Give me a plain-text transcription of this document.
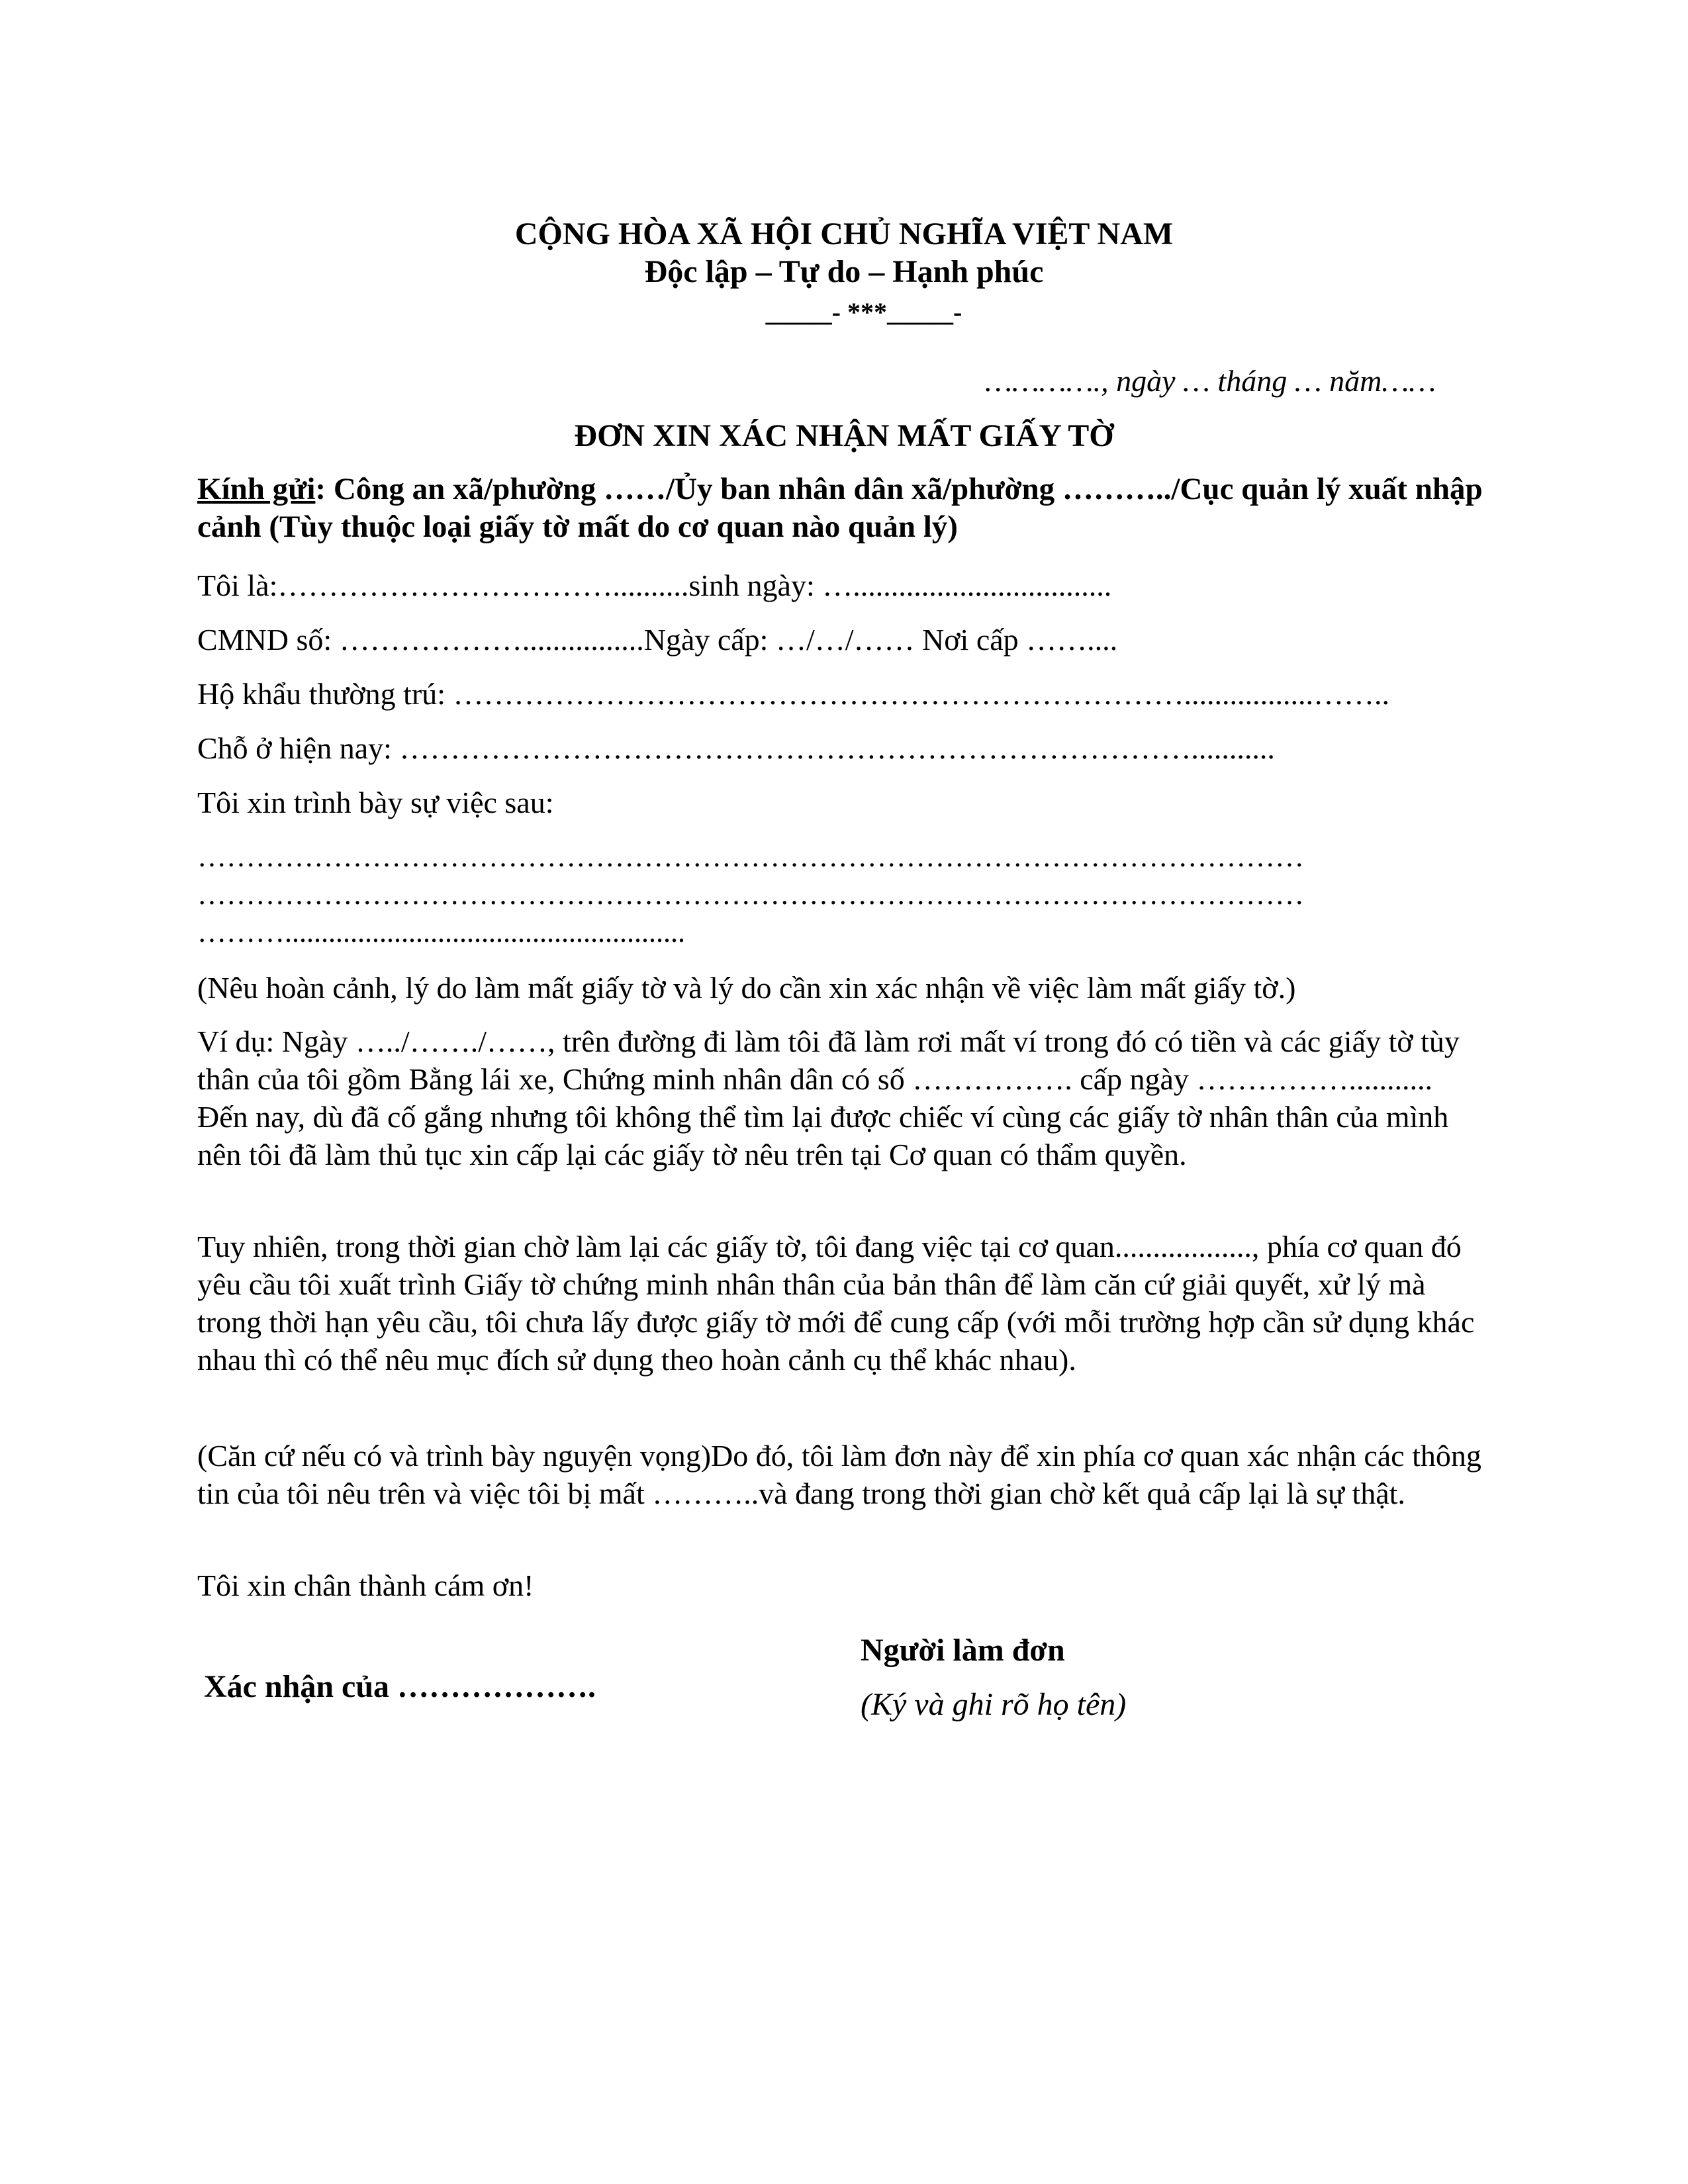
CỘNG HÒA XÃ HỘI CHỦ NGHĨA VIỆT NAM
Độc lập – Tự do – Hạnh phúc
_____- ***_____-
…………., ngày … tháng … năm……
ĐƠN XIN XÁC NHẬN MẤT GIẤY TỜ
Kính gửi: Công an xã/phường ……/Ủy ban nhân dân xã/phường ………../Cục quản lý xuất nhập cảnh (Tùy thuộc loại giấy tờ mất do cơ quan nào quản lý)
Tôi là:……………………………..........sinh ngày: …..................................
CMND số: ………………................Ngày cấp: …/…/…… Nơi cấp ……....
Hộ khẩu thường trú: ……………………………………………………………….................……..
Chỗ ở hiện nay: ……………………………………………………………………...........
Tôi xin trình bày sự việc sau:
……………………………………………………………………………………………………
……………………………………………………………………………………………………
……….......................................................
(Nêu hoàn cảnh, lý do làm mất giấy tờ và lý do cần xin xác nhận về việc làm mất giấy tờ.)
Ví dụ: Ngày …../……./……, trên đường đi làm tôi đã làm rơi mất ví trong đó có tiền và các giấy tờ tùy thân của tôi gồm Bằng lái xe, Chứng minh nhân dân có số ……………. cấp ngày ……………........... Đến nay, dù đã cố gắng nhưng tôi không thể tìm lại được chiếc ví cùng các giấy tờ nhân thân của mình nên tôi đã làm thủ tục xin cấp lại các giấy tờ nêu trên tại Cơ quan có thẩm quyền.
Tuy nhiên, trong thời gian chờ làm lại các giấy tờ, tôi đang việc tại cơ quan.................., phía cơ quan đó yêu cầu tôi xuất trình Giấy tờ chứng minh nhân thân của bản thân để làm căn cứ giải quyết, xử lý mà trong thời hạn yêu cầu, tôi chưa lấy được giấy tờ mới để cung cấp (với mỗi trường hợp cần sử dụng khác nhau thì có thể nêu mục đích sử dụng theo hoàn cảnh cụ thể khác nhau).
(Căn cứ nếu có và trình bày nguyện vọng)Do đó, tôi làm đơn này để xin phía cơ quan xác nhận các thông tin của tôi nêu trên và việc tôi bị mất ………..và đang trong thời gian chờ kết quả cấp lại là sự thật.
Tôi xin chân thành cám ơn!
Xác nhận của ……………….
Người làm đơn
(Ký và ghi rõ họ tên)
